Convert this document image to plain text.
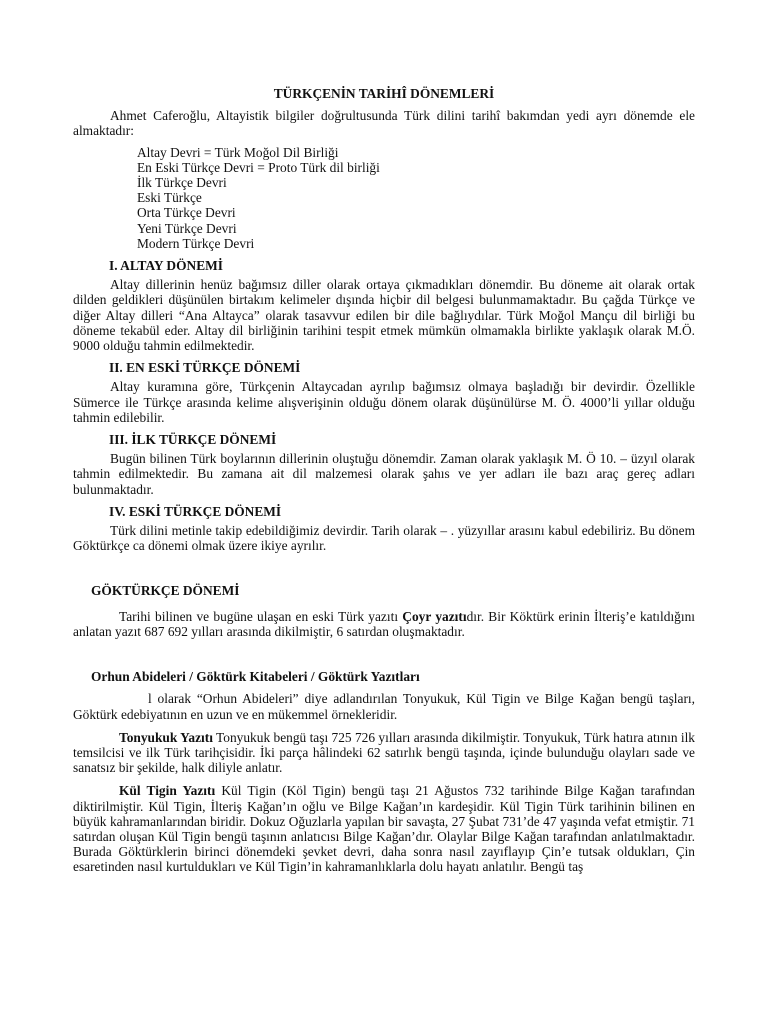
TÜRKÇENİN TARİHÎ DÖNEMLERİ

Ahmet Caferoğlu, Altayistik bilgiler doğrultusunda Türk dilini tarihî bakımdan yedi ayrı dönemde ele almaktadır:

Altay Devri = Türk Moğol Dil Birliği
En Eski Türkçe Devri = Proto Türk dil birliği
İlk Türkçe Devri
Eski Türkçe
Orta Türkçe Devri
Yeni Türkçe Devri
Modern Türkçe Devri
I. ALTAY DÖNEMİ

Altay dillerinin henüz bağımsız diller olarak ortaya çıkmadıkları dönemdir. Bu döneme ait olarak ortak dilden geldikleri düşünülen birtakım kelimeler dışında hiçbir dil belgesi bulunmamaktadır. Bu çağda Türkçe ve diğer Altay dilleri “Ana Altayca” olarak tasavvur edilen bir dile bağlıydılar. Türk Moğol Mançu dil birliği bu döneme tekabül eder. Altay dil birliğinin tarihini tespit etmek mümkün olmamakla birlikte yaklaşık olarak M.Ö. 9000 olduğu tahmin edilmektedir.

II. EN ESKİ TÜRKÇE DÖNEMİ

Altay kuramına göre, Türkçenin Altaycadan ayrılıp bağımsız olmaya başladığı bir devirdir. Özellikle Sümerce ile Türkçe arasında kelime alışverişinin olduğu dönem olarak düşünülürse M. Ö. 4000’li yıllar olduğu tahmin edilebilir.

III. İLK TÜRKÇE DÖNEMİ

Bugün bilinen Türk boylarının dillerinin oluştuğu dönemdir. Zaman olarak yaklaşık M. Ö 10. – üzyıl olarak tahmin edilmektedir. Bu zamana ait dil malzemesi olarak şahıs ve yer adları ile bazı araç gereç adları bulunmaktadır.

IV. ESKİ TÜRKÇE DÖNEMİ

Türk dilini metinle takip edebildiğimiz devirdir. Tarih olarak – . yüzyıllar arasını kabul edebiliriz. Bu dönem Göktürkçe ca dönemi olmak üzere ikiye ayrılır.

GÖKTÜRKÇE DÖNEMİ

Tarihi bilinen ve bugüne ulaşan en eski Türk yazıtı Çoyr yazıtıdır. Bir Köktürk erinin İlteriş’e katıldığını anlatan yazıt 687 692 yılları arasında dikilmiştir, 6 satırdan oluşmaktadır.

Orhun Abideleri / Göktürk Kitabeleri / Göktürk Yazıtları

l olarak “Orhun Abideleri” diye adlandırılan Tonyukuk, Kül Tigin ve Bilge Kağan bengü taşları, Göktürk edebiyatının en uzun ve en mükemmel örnekleridir.

Tonyukuk Yazıtı Tonyukuk bengü taşı 725 726 yılları arasında dikilmiştir. Tonyukuk, Türk hatıra atının ilk temsilcisi ve ilk Türk tarihçisidir. İki parça hâlindeki 62 satırlık bengü taşında, içinde bulunduğu olayları sade ve sanatsız bir şekilde, halk diliyle anlatır.

Kül Tigin Yazıtı Kül Tigin (Köl Tigin) bengü taşı 21 Ağustos 732 tarihinde Bilge Kağan tarafından diktirilmiştir. Kül Tigin, İlteriş Kağan’ın oğlu ve Bilge Kağan’ın kardeşidir. Kül Tigin Türk tarihinin bilinen en büyük kahramanlarından biridir. Dokuz Oğuzlarla yapılan bir savaşta, 27 Şubat 731’de 47 yaşında vefat etmiştir. 71 satırdan oluşan Kül Tigin bengü taşının anlatıcısı Bilge Kağan’dır. Olaylar Bilge Kağan tarafından anlatılmaktadır. Burada Göktürklerin birinci dönemdeki şevket devri, daha sonra nasıl zayıflayıp Çin’e tutsak oldukları, Çin esaretinden nasıl kurtuldukları ve Kül Tigin’in kahramanlıklarla dolu hayatı anlatılır. Bengü taş
